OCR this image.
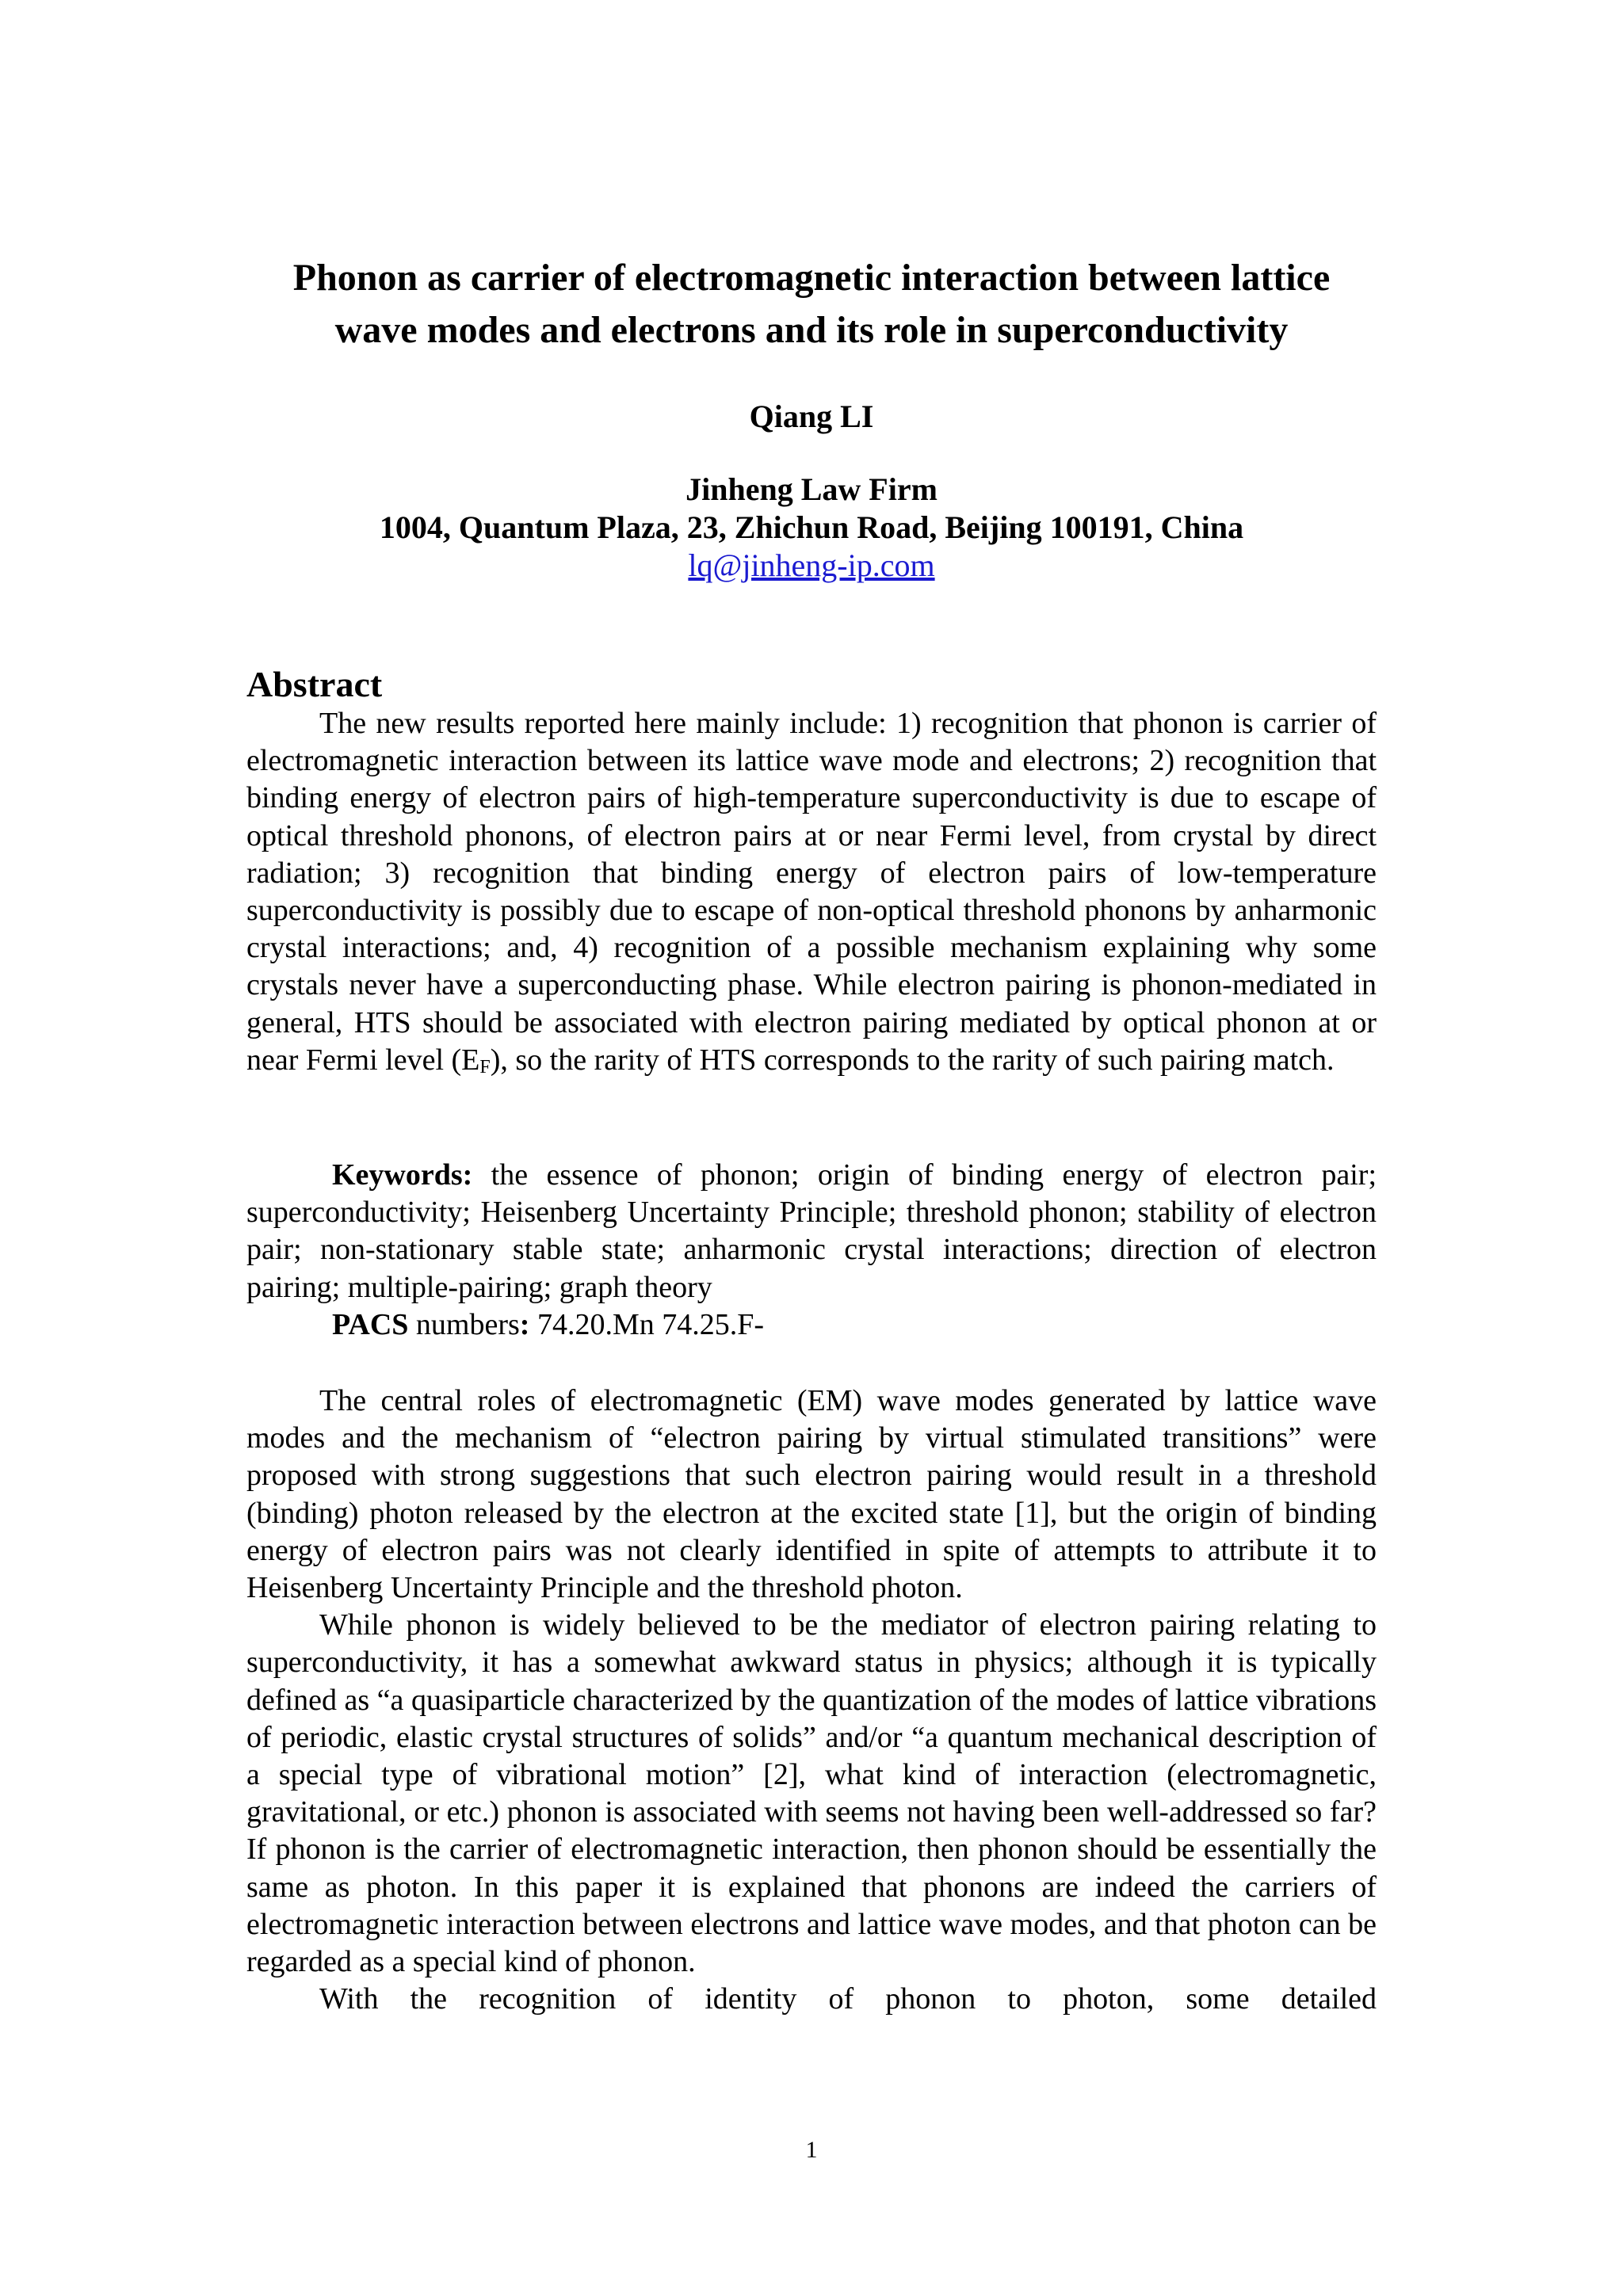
Phonon as carrier of electromagnetic interaction between lattice
wave modes and electrons and its role in superconductivity
Qiang LI
Jinheng Law Firm
1004, Quantum Plaza, 23, Zhichun Road, Beijing 100191, China
lq@jinheng-ip.com
Abstract

The new results reported here mainly include: 1) recognition that phonon is carrier of electromagnetic interaction between its lattice wave mode and electrons; 2) recognition that binding energy of electron pairs of high-temperature superconductivity is due to escape of optical threshold phonons, of electron pairs at or near Fermi level, from crystal by direct radiation; 3) recognition that binding energy of electron pairs of low-temperature superconductivity is possibly due to escape of non-optical threshold phonons by anharmonic crystal interactions; and, 4) recognition of a possible mechanism explaining why some crystals never have a superconducting phase. While electron pairing is phonon-mediated in general, HTS should be associated with electron pairing mediated by optical phonon at or near Fermi level (EF), so the rarity of HTS corresponds to the rarity of such pairing match.

Keywords: the essence of phonon; origin of binding energy of electron pair; superconductivity; Heisenberg Uncertainty Principle; threshold phonon; stability of electron pair; non-stationary stable state; anharmonic crystal interactions; direction of electron pairing; multiple-pairing; graph theory

PACS numbers: 74.20.Mn 74.25.F-

The central roles of electromagnetic (EM) wave modes generated by lattice wave modes and the mechanism of “electron pairing by virtual stimulated transitions” were proposed with strong suggestions that such electron pairing would result in a threshold (binding) photon released by the electron at the excited state [1], but the origin of binding energy of electron pairs was not clearly identified in spite of attempts to attribute it to Heisenberg Uncertainty Principle and the threshold photon.

While phonon is widely believed to be the mediator of electron pairing relating to superconductivity, it has a somewhat awkward status in physics; although it is typically defined as “a quasiparticle characterized by the quantization of the modes of lattice vibrations of periodic, elastic crystal structures of solids” and/or “a quantum mechanical description of a special type of vibrational motion” [2], what kind of interaction (electromagnetic, gravitational, or etc.) phonon is associated with seems not having been well-addressed so far? If phonon is the carrier of electromagnetic interaction, then phonon should be essentially the same as photon. In this paper it is explained that phonons are indeed the carriers of electromagnetic interaction between electrons and lattice wave modes, and that photon can be regarded as a special kind of phonon.

With the recognition of identity of phonon to photon, some detailed

1
